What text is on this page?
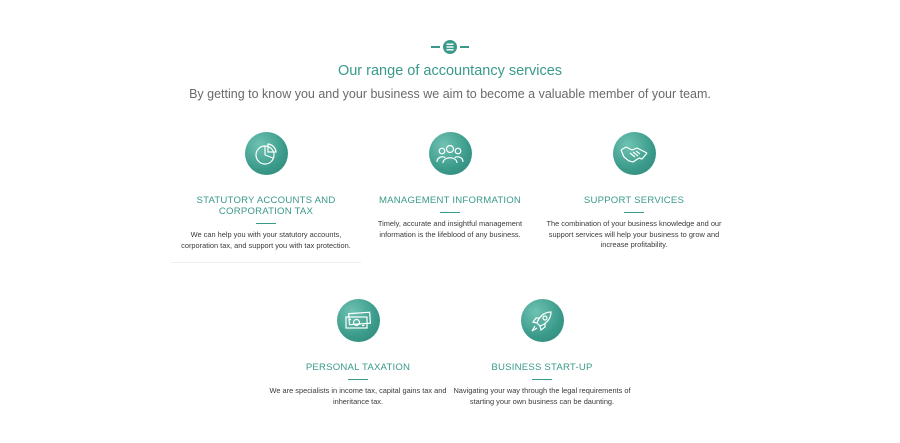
Our range of accountancy services

By getting to know you and your business we aim to become a valuable member of your team.

STATUTORY ACCOUNTS AND
CORPORATION TAX
We can help you with your statutory accounts, corporation tax, and support you with tax protection.
MANAGEMENT INFORMATION
Timely, accurate and insightful management information is the lifeblood of any business.
SUPPORT SERVICES
The combination of your business knowledge and our support services will help your business to grow and increase profitability.
PERSONAL TAXATION
We are specialists in income tax, capital gains tax and inheritance tax.
BUSINESS START-UP
Navigating your way through the legal requirements of starting your own business can be daunting.
